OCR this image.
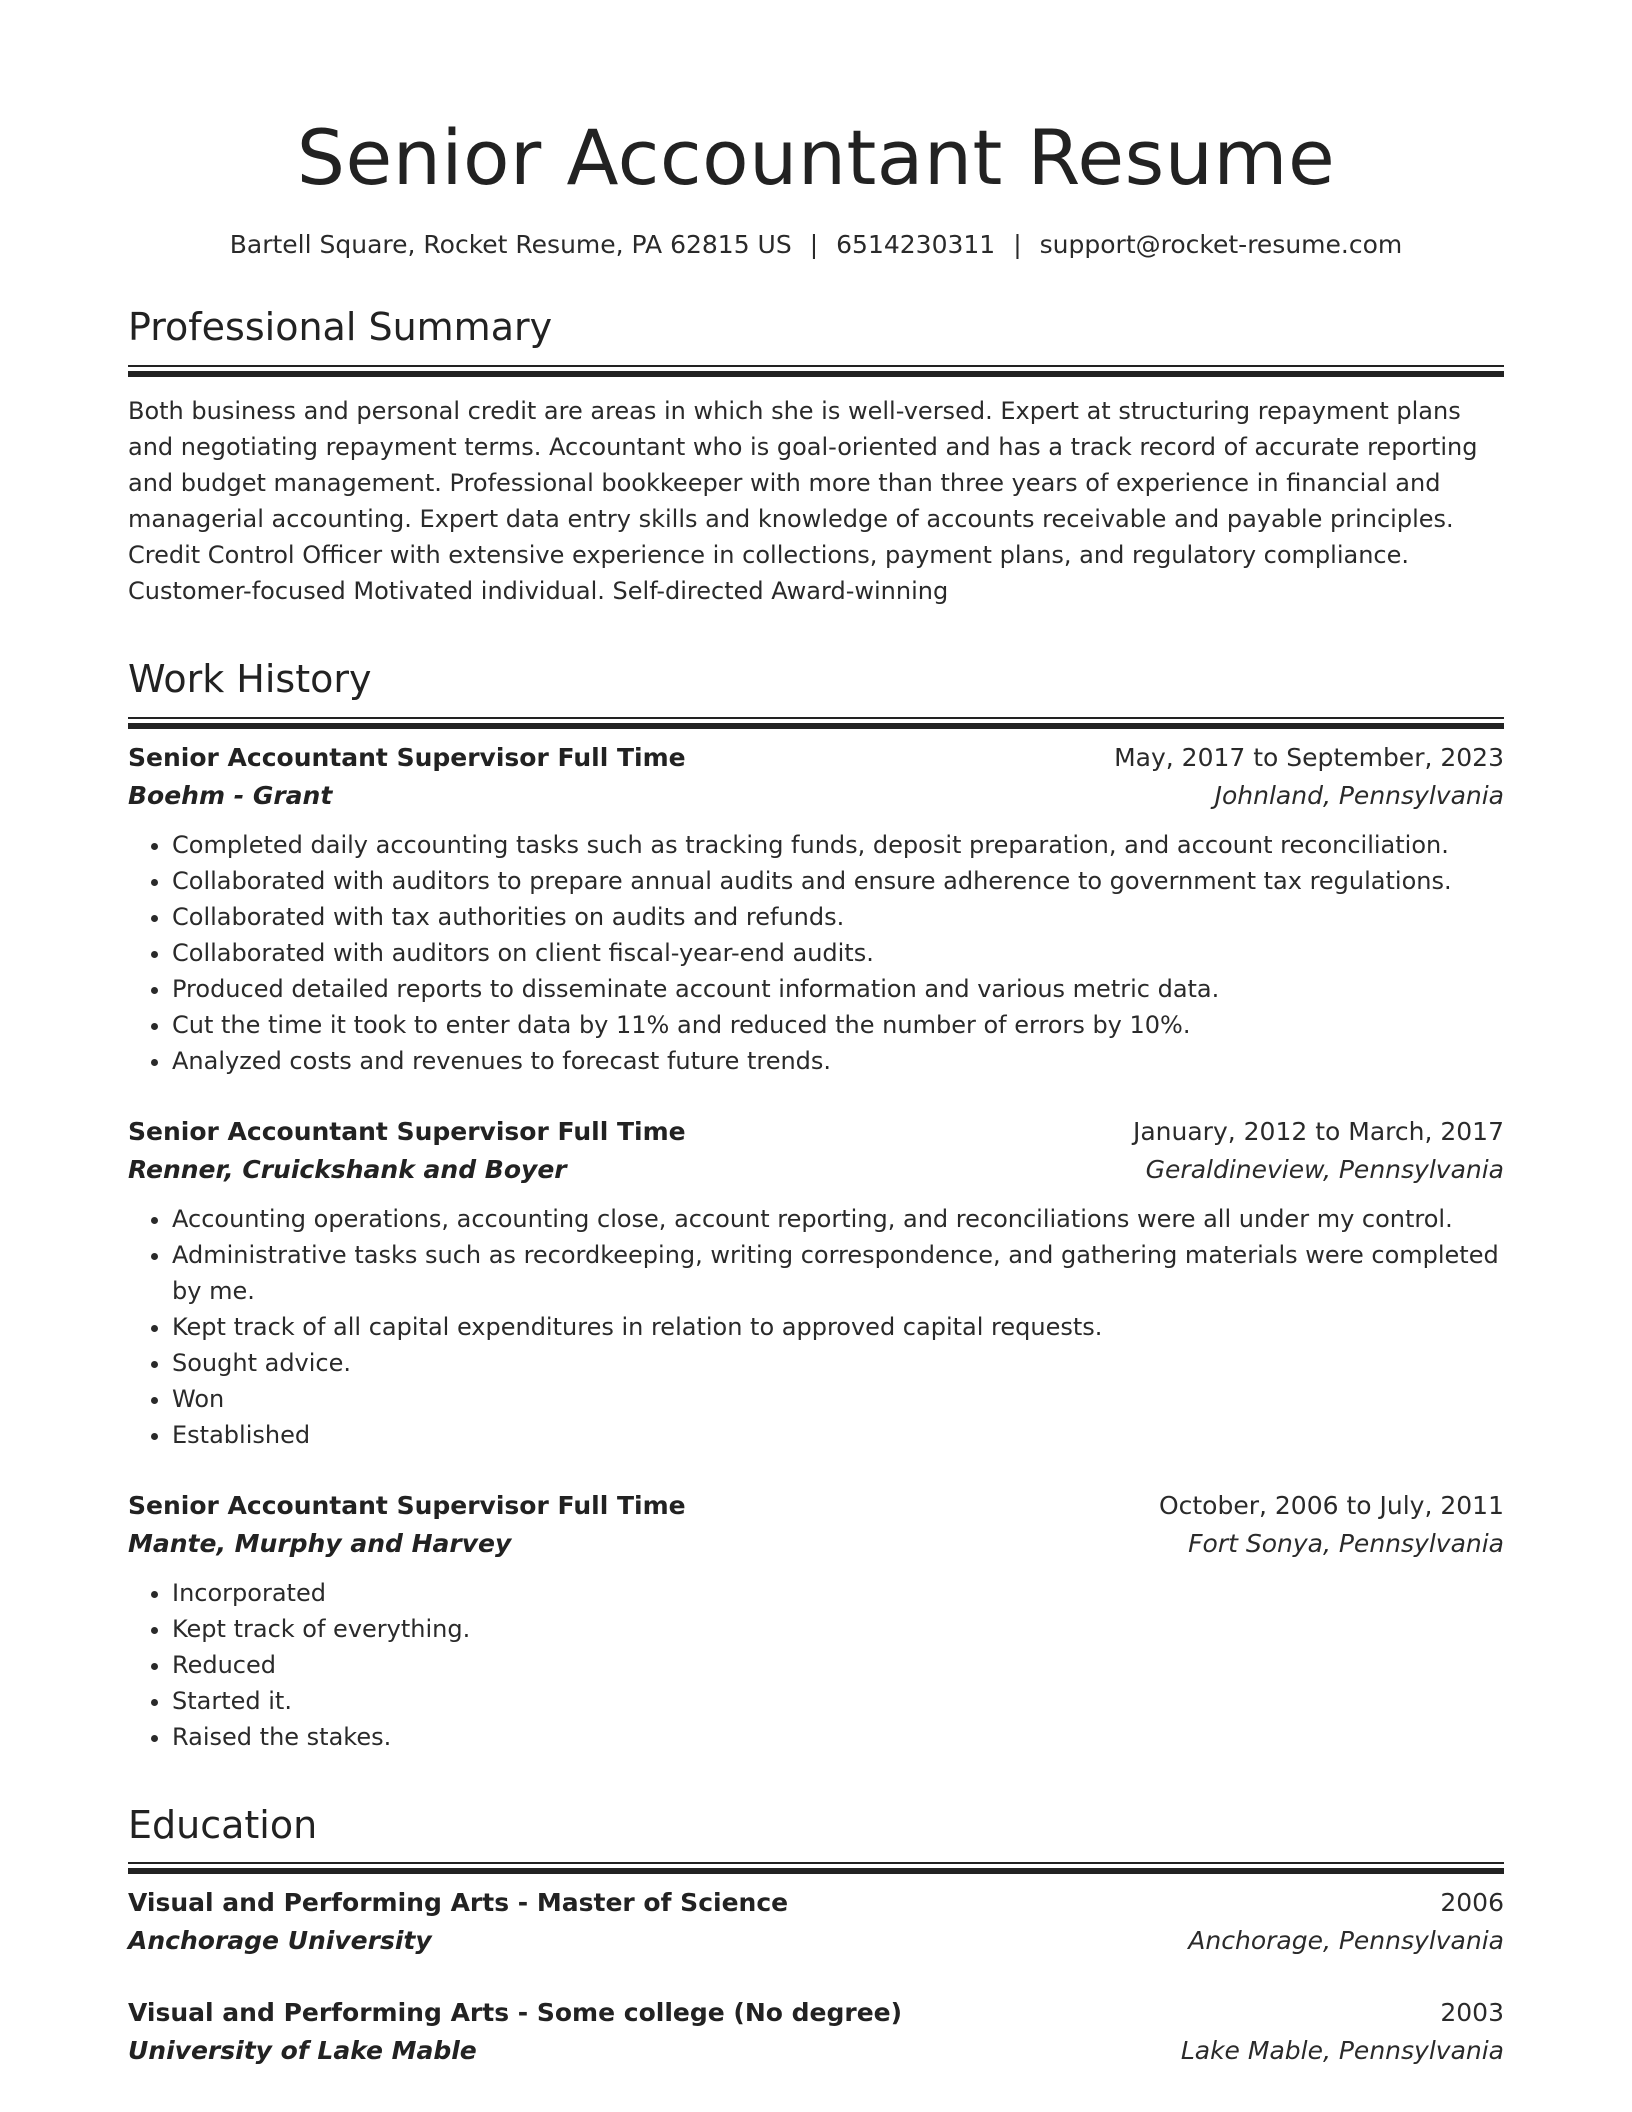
Senior Accountant Resume
Bartell Square, Rocket Resume, PA 62815 US | 6514230311 | support@rocket-resume.com
Professional Summary
Both business and personal credit are areas in which she is well-versed. Expert at structuring repayment plans and negotiating repayment terms. Accountant who is goal-oriented and has a track record of accurate reporting and budget management. Professional bookkeeper with more than three years of experience in financial and managerial accounting. Expert data entry skills and knowledge of accounts receivable and payable principles. Credit Control Officer with extensive experience in collections, payment plans, and regulatory compliance. Customer-focused Motivated individual. Self-directed Award-winning
Work History
Senior Accountant Supervisor Full Time	May, 2017 to September, 2023
Boehm - Grant	Johnland, Pennsylvania
• Completed daily accounting tasks such as tracking funds, deposit preparation, and account reconciliation.
• Collaborated with auditors to prepare annual audits and ensure adherence to government tax regulations.
• Collaborated with tax authorities on audits and refunds.
• Collaborated with auditors on client fiscal-year-end audits.
• Produced detailed reports to disseminate account information and various metric data.
• Cut the time it took to enter data by 11% and reduced the number of errors by 10%.
• Analyzed costs and revenues to forecast future trends.
Senior Accountant Supervisor Full Time	January, 2012 to March, 2017
Renner, Cruickshank and Boyer	Geraldineview, Pennsylvania
• Accounting operations, accounting close, account reporting, and reconciliations were all under my control.
• Administrative tasks such as recordkeeping, writing correspondence, and gathering materials were completed by me.
• Kept track of all capital expenditures in relation to approved capital requests.
• Sought advice.
• Won
• Established
Senior Accountant Supervisor Full Time	October, 2006 to July, 2011
Mante, Murphy and Harvey	Fort Sonya, Pennsylvania
• Incorporated
• Kept track of everything.
• Reduced
• Started it.
• Raised the stakes.
Education
Visual and Performing Arts - Master of Science	2006
Anchorage University	Anchorage, Pennsylvania
Visual and Performing Arts - Some college (No degree)	2003
University of Lake Mable	Lake Mable, Pennsylvania
